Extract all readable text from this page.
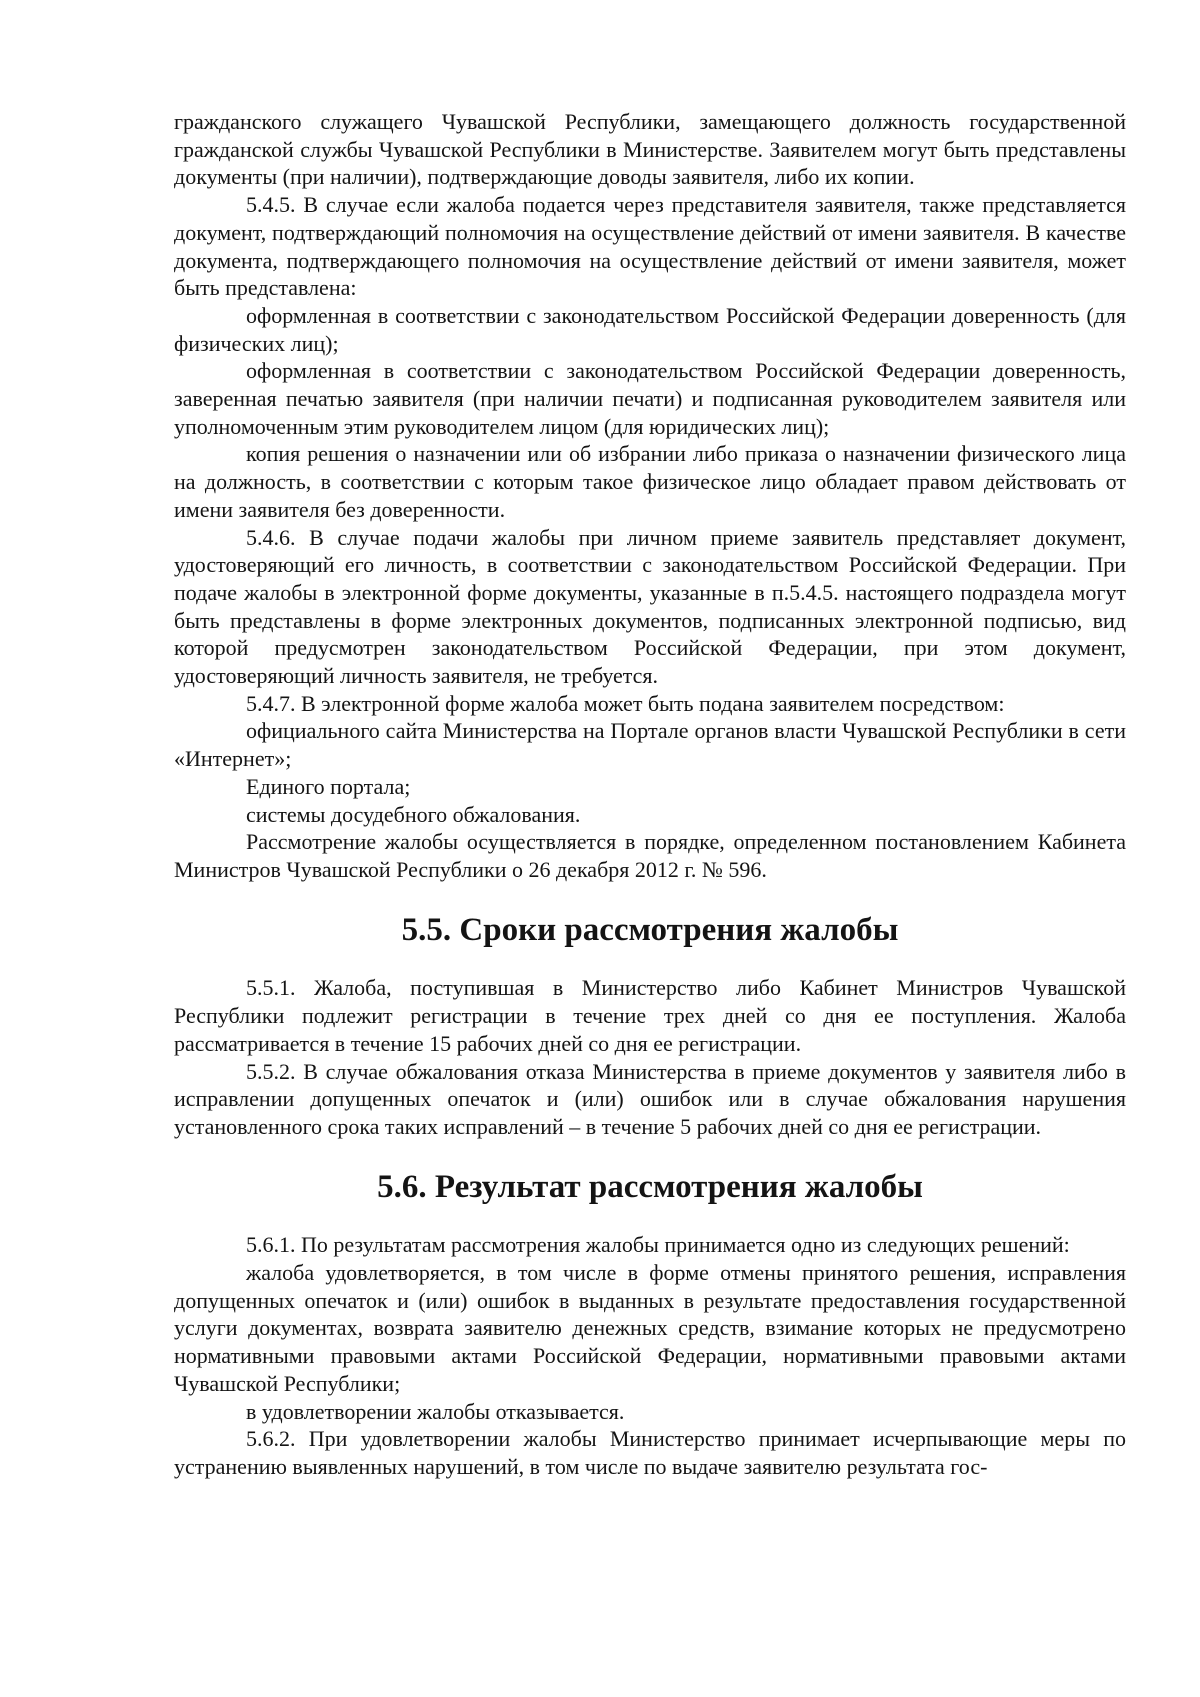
гражданского служащего Чувашской Республики, замещающего должность государственной гражданской службы Чувашской Республики в Министерстве. Заявителем могут быть представлены документы (при наличии), подтверждающие доводы заявителя, либо их копии.

5.4.5. В случае если жалоба подается через представителя заявителя, также представляется документ, подтверждающий полномочия на осуществление действий от имени заявителя. В качестве документа, подтверждающего полномочия на осуществление действий от имени заявителя, может быть представлена:

оформленная в соответствии с законодательством Российской Федерации доверенность (для физических лиц);

оформленная в соответствии с законодательством Российской Федерации доверенность, заверенная печатью заявителя (при наличии печати) и подписанная руководителем заявителя или уполномоченным этим руководителем лицом (для юридических лиц);

копия решения о назначении или об избрании либо приказа о назначении физического лица на должность, в соответствии с которым такое физическое лицо обладает правом действовать от имени заявителя без доверенности.

5.4.6. В случае подачи жалобы при личном приеме заявитель представляет документ, удостоверяющий его личность, в соответствии с законодательством Российской Федерации. При подаче жалобы в электронной форме документы, указанные в п.5.4.5. настоящего подраздела могут быть представлены в форме электронных документов, подписанных электронной подписью, вид которой предусмотрен законодательством Российской Федерации, при этом документ, удостоверяющий личность заявителя, не требуется.

5.4.7. В электронной форме жалоба может быть подана заявителем посредством:

официального сайта Министерства на Портале органов власти Чувашской Республики в сети «Интернет»;

Единого портала;

системы досудебного обжалования.

Рассмотрение жалобы осуществляется в порядке, определенном постановлением Кабинета Министров Чувашской Республики о 26 декабря 2012 г. № 596.

5.5. Сроки рассмотрения жалобы

5.5.1. Жалоба, поступившая в Министерство либо Кабинет Министров Чувашской Республики подлежит регистрации в течение трех дней со дня ее поступления. Жалоба рассматривается в течение 15 рабочих дней со дня ее регистрации.

5.5.2. В случае обжалования отказа Министерства в приеме документов у заявителя либо в исправлении допущенных опечаток и (или) ошибок или в случае обжалования нарушения установленного срока таких исправлений – в течение 5 рабочих дней со дня ее регистрации.

5.6. Результат рассмотрения жалобы

5.6.1. По результатам рассмотрения жалобы принимается одно из следующих решений:

жалоба удовлетворяется, в том числе в форме отмены принятого решения, исправления допущенных опечаток и (или) ошибок в выданных в результате предоставления государственной услуги документах, возврата заявителю денежных средств, взимание которых не предусмотрено нормативными правовыми актами Российской Федерации, нормативными правовыми актами Чувашской Республики;

в удовлетворении жалобы отказывается.

5.6.2. При удовлетворении жалобы Министерство принимает исчерпывающие меры по устранению выявленных нарушений, в том числе по выдаче заявителю результата гос-
